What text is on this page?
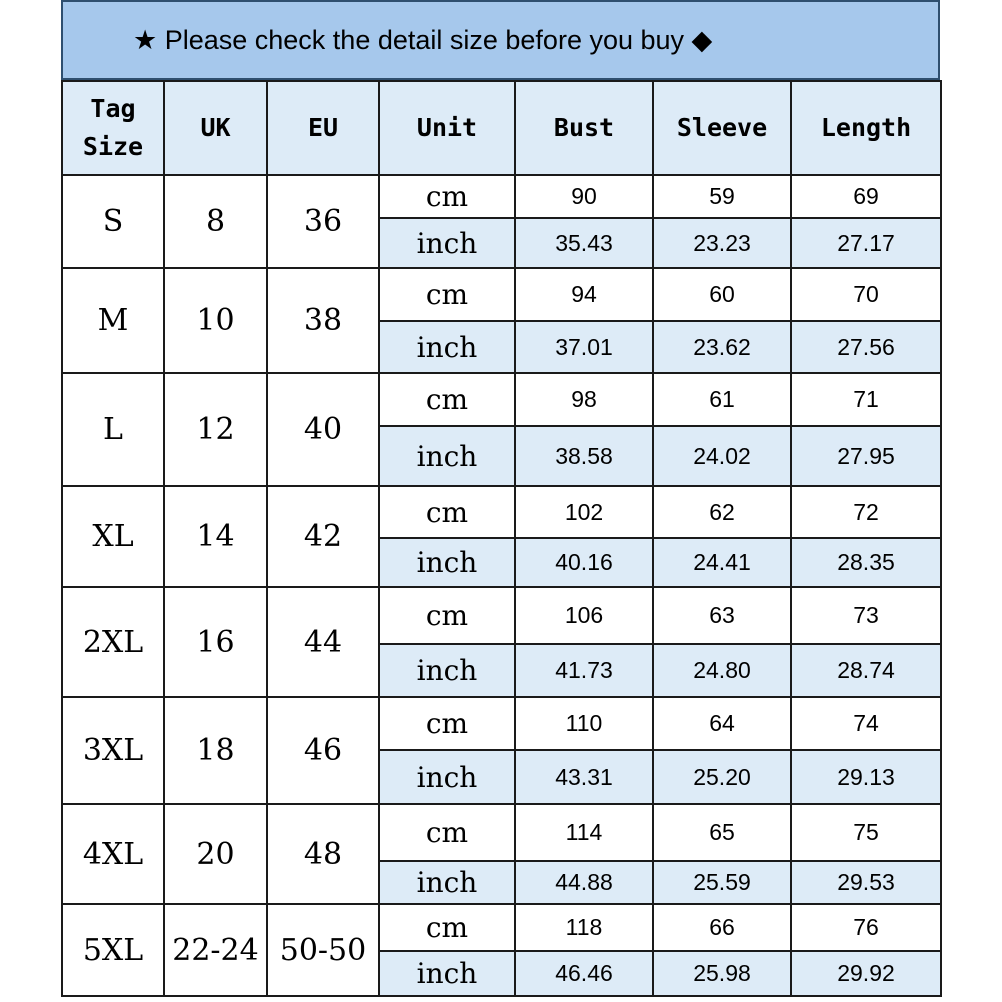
★ Please check the detail size before you buy ◆
Tag Size	UK	EU	Unit	Bust	Sleeve	Length
S	8	36	cm	90	59	69
			inch	35.43	23.23	27.17
M	10	38	cm	94	60	70
			inch	37.01	23.62	27.56
L	12	40	cm	98	61	71
			inch	38.58	24.02	27.95
XL	14	42	cm	102	62	72
			inch	40.16	24.41	28.35
2XL	16	44	cm	106	63	73
			inch	41.73	24.80	28.74
3XL	18	46	cm	110	64	74
			inch	43.31	25.20	29.13
4XL	20	48	cm	114	65	75
			inch	44.88	25.59	29.53
5XL	22-24	50-50	cm	118	66	76
			inch	46.46	25.98	29.92
